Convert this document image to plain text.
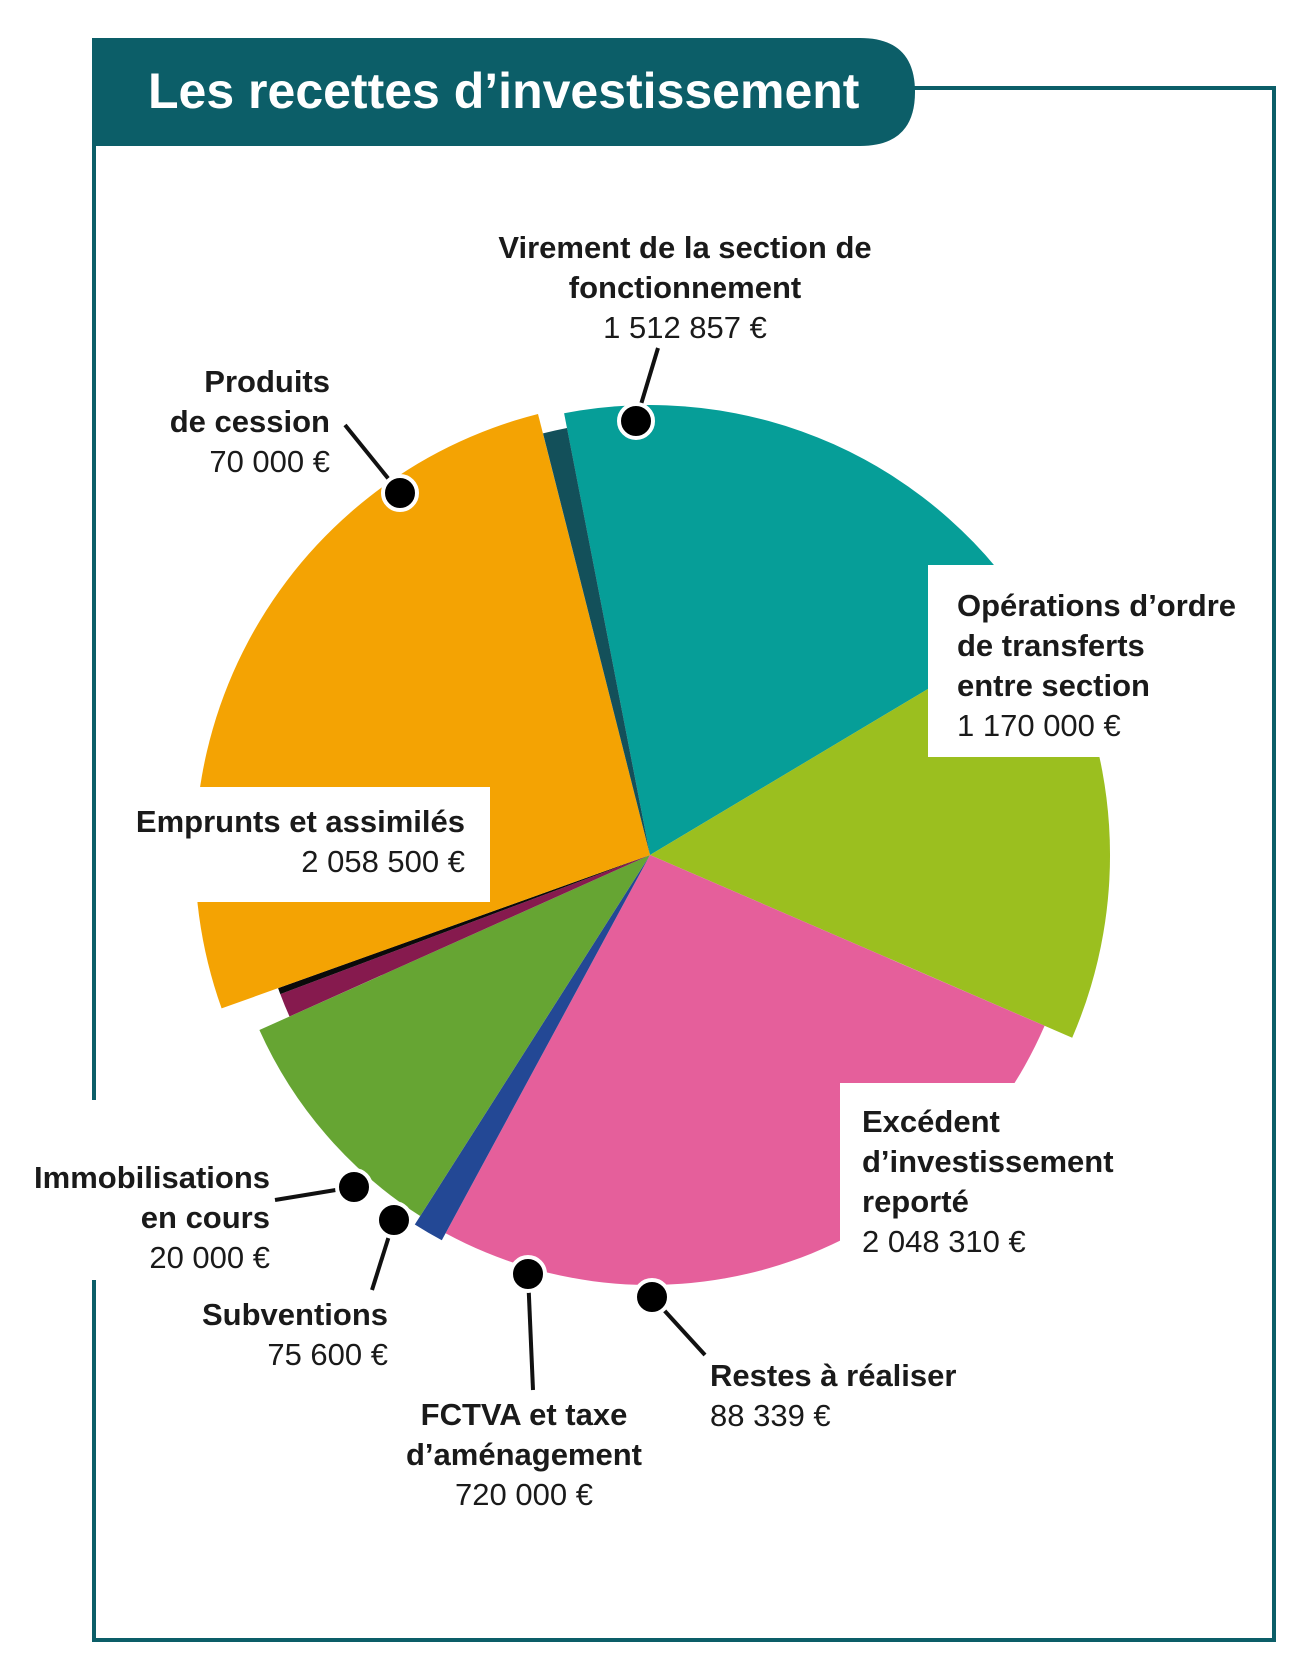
Les recettes d’investissement
Virement de la section de
fonctionnement
1 512 857 €
Opérations d’ordre
de transferts
entre section
1 170 000 €
Excédent
d’investissement
reporté
2 048 310 €
Restes à réaliser
88 339 €
FCTVA et taxe
d’aménagement
720 000 €
Subventions
75 600 €
Immobilisations
en cours
20 000 €
Emprunts et assimilés
2 058 500 €
Produits
de cession
70 000 €
